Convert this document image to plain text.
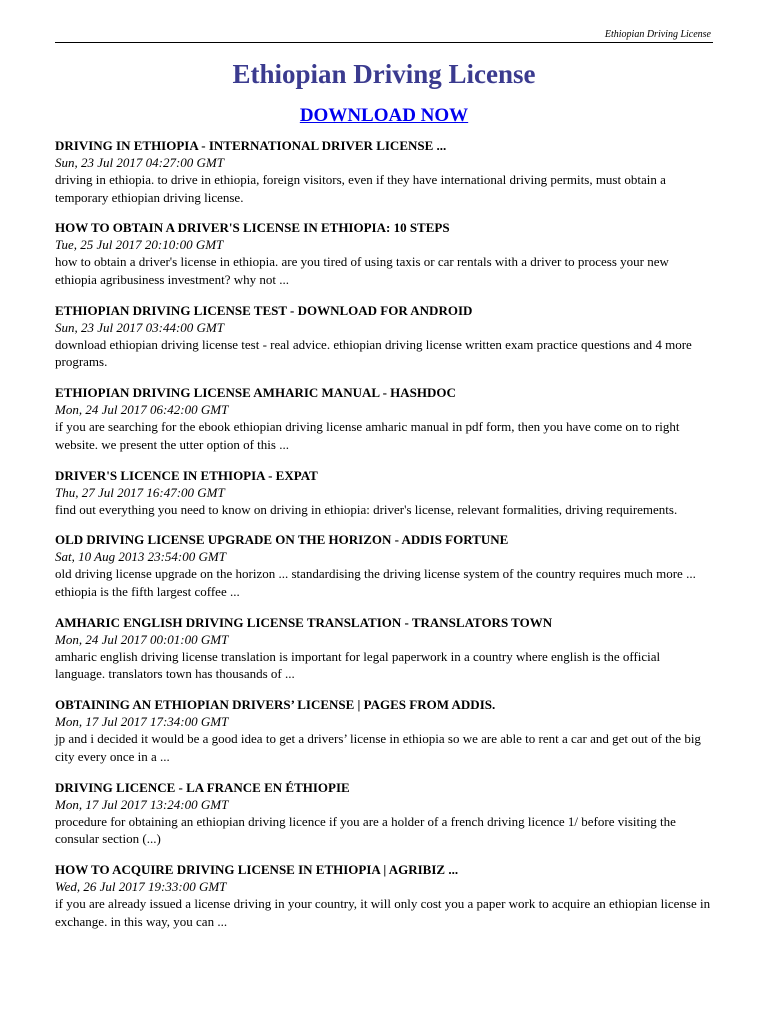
Ethiopian Driving License
Ethiopian Driving License
DOWNLOAD NOW
DRIVING IN ETHIOPIA - INTERNATIONAL DRIVER LICENSE ...
Sun, 23 Jul 2017 04:27:00 GMT
driving in ethiopia. to drive in ethiopia, foreign visitors, even if they have international driving permits, must obtain a temporary ethiopian driving license.
HOW TO OBTAIN A DRIVER'S LICENSE IN ETHIOPIA: 10 STEPS
Tue, 25 Jul 2017 20:10:00 GMT
how to obtain a driver's license in ethiopia. are you tired of using taxis or car rentals with a driver to process your new ethiopia agribusiness investment? why not ...
ETHIOPIAN DRIVING LICENSE TEST - DOWNLOAD FOR ANDROID
Sun, 23 Jul 2017 03:44:00 GMT
download ethiopian driving license test - real advice. ethiopian driving license written exam practice questions and 4 more programs.
ETHIOPIAN DRIVING LICENSE AMHARIC MANUAL - HASHDOC
Mon, 24 Jul 2017 06:42:00 GMT
if you are searching for the ebook ethiopian driving license amharic manual in pdf form, then you have come on to right website. we present the utter option of this ...
DRIVER'S LICENCE IN ETHIOPIA - EXPAT
Thu, 27 Jul 2017 16:47:00 GMT
find out everything you need to know on driving in ethiopia: driver's license, relevant formalities, driving requirements.
OLD DRIVING LICENSE UPGRADE ON THE HORIZON - ADDIS FORTUNE
Sat, 10 Aug 2013 23:54:00 GMT
old driving license upgrade on the horizon ... standardising the driving license system of the country requires much more ... ethiopia is the fifth largest coffee ...
AMHARIC ENGLISH DRIVING LICENSE TRANSLATION - TRANSLATORS TOWN
Mon, 24 Jul 2017 00:01:00 GMT
amharic english driving license translation is important for legal paperwork in a country where english is the official language. translators town has thousands of ...
OBTAINING AN ETHIOPIAN DRIVERS’ LICENSE | PAGES FROM ADDIS.
Mon, 17 Jul 2017 17:34:00 GMT
jp and i decided it would be a good idea to get a drivers’ license in ethiopia so we are able to rent a car and get out of the big city every once in a ...
DRIVING LICENCE - LA FRANCE EN ÉTHIOPIE
Mon, 17 Jul 2017 13:24:00 GMT
procedure for obtaining an ethiopian driving licence if you are a holder of a french driving licence 1/ before visiting the consular section (...)
HOW TO ACQUIRE DRIVING LICENSE IN ETHIOPIA | AGRIBIZ ...
Wed, 26 Jul 2017 19:33:00 GMT
if you are already issued a license driving in your country, it will only cost you a paper work to acquire an ethiopian license in exchange. in this way, you can ...
